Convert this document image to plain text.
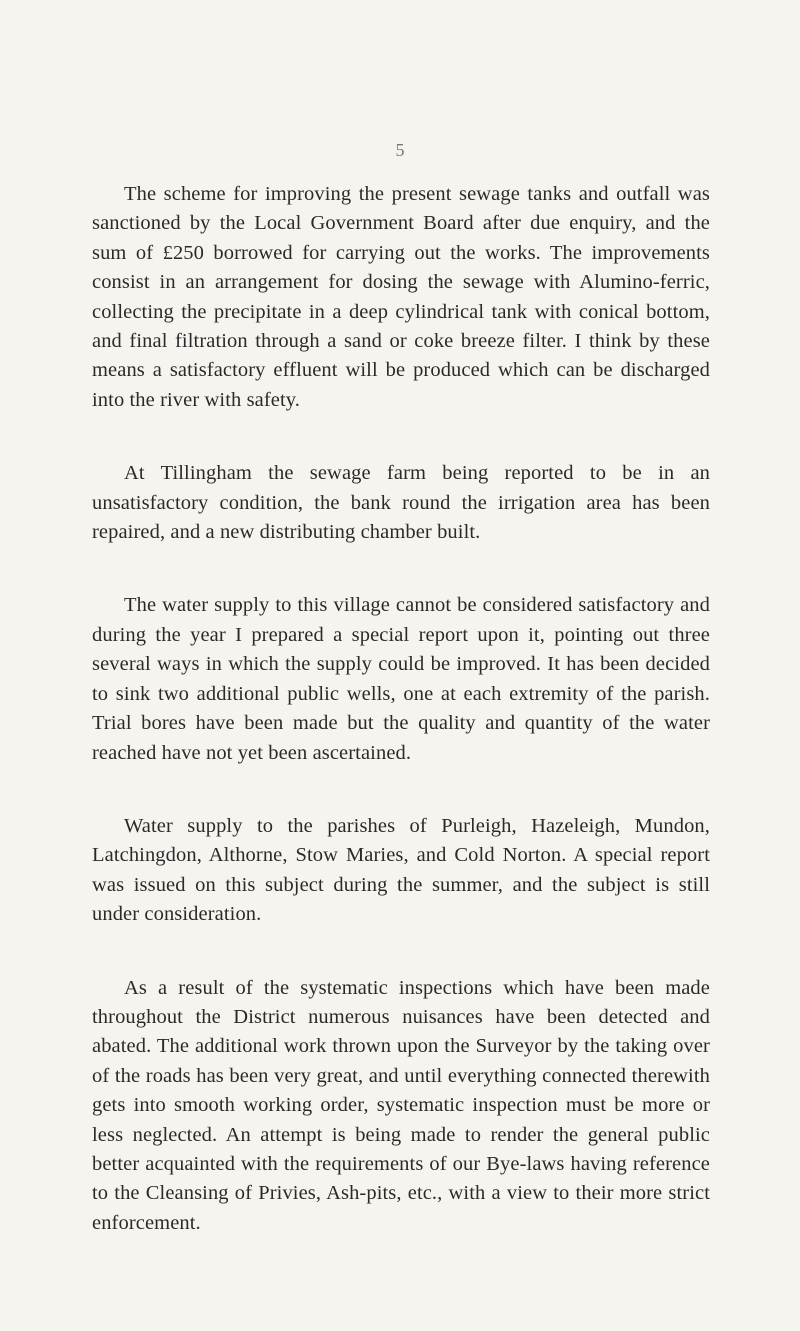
5

The scheme for improving the present sewage tanks and outfall was sanctioned by the Local Government Board after due enquiry, and the sum of £250 borrowed for carrying out the works. The improvements consist in an arrangement for dosing the sewage with Alumino-ferric, collecting the precipitate in a deep cylindrical tank with conical bottom, and final filtration through a sand or coke breeze filter. I think by these means a satisfactory effluent will be produced which can be discharged into the river with safety.

At Tillingham the sewage farm being reported to be in an unsatisfactory condition, the bank round the irrigation area has been repaired, and a new distributing chamber built.

The water supply to this village cannot be considered satisfactory and during the year I prepared a special report upon it, pointing out three several ways in which the supply could be improved. It has been decided to sink two additional public wells, one at each extremity of the parish. Trial bores have been made but the quality and quantity of the water reached have not yet been ascertained.

Water supply to the parishes of Purleigh, Hazeleigh, Mundon, Latchingdon, Althorne, Stow Maries, and Cold Norton. A special report was issued on this subject during the summer, and the subject is still under consideration.

As a result of the systematic inspections which have been made throughout the District numerous nuisances have been detected and abated. The additional work thrown upon the Surveyor by the taking over of the roads has been very great, and until everything connected therewith gets into smooth working order, systematic inspection must be more or less neglected. An attempt is being made to render the general public better acquainted with the requirements of our Bye-laws having reference to the Cleansing of Privies, Ash-pits, etc., with a view to their more strict enforcement.
